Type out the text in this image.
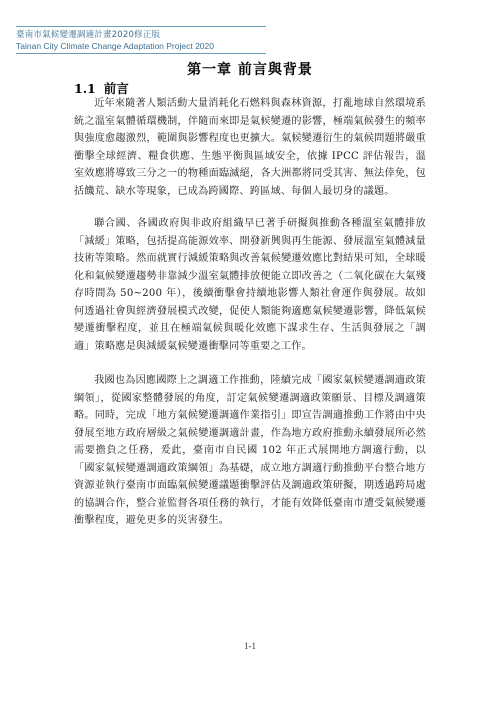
臺南市氣候變遷調適計畫2020修正版
Tainan City Climate Change Adaptation Project 2020
第一章 前言與背景
1.1 前言

近年來隨著人類活動大量消耗化石燃料與森林資源，打亂地球自然環境系統之溫室氣體循環機制，伴隨而來即是氣候變遷的影響，極端氣候發生的頻率與強度愈趨激烈，範圍與影響程度也更擴大。氣候變遷衍生的氣候問題將嚴重衝擊全球經濟、糧食供應、生態平衡與區域安全，依據 IPCC 評估報告，溫室效應將導致三分之一的物種面臨滅絕，各大洲都將同受其害、無法倖免，包括饑荒、缺水等現象，已成為跨國際、跨區域、每個人最切身的議題。

聯合國、各國政府與非政府組織早已著手研擬與推動各種溫室氣體排放「減緩」策略，包括提高能源效率、開發新興與再生能源、發展溫室氣體減量技術等策略。然而就實行減緩策略與改善氣候變遷效應比對結果可知，全球暖化和氣候變遷趨勢非靠減少溫室氣體排放便能立即改善之（二氧化碳在大氣殘存時間為 50~200 年），後續衝擊會持續地影響人類社會運作與發展。故如何透過社會與經濟發展模式改變，促使人類能夠適應氣候變遷影響，降低氣候變遷衝擊程度，並且在極端氣候與暖化效應下謀求生存、生活與發展之「調適」策略應是與減緩氣候變遷衝擊同等重要之工作。

我國也為因應國際上之調適工作推動，陸續完成「國家氣候變遷調適政策綱領」，從國家整體發展的角度，訂定氣候變遷調適政策願景、目標及調適策略。同時，完成「地方氣候變遷調適作業指引」即宣告調適推動工作將由中央發展至地方政府層級之氣候變遷調適計畫，作為地方政府推動永續發展所必然需要擔負之任務，爰此，臺南市自民國 102 年正式展開地方調適行動，以「國家氣候變遷調適政策綱領」為基礎，成立地方調適行動推動平台整合地方資源並執行臺南市面臨氣候變遷議題衝擊評估及調適政策研擬，期透過跨局處的協調合作，整合並監督各項任務的執行，才能有效降低臺南市遭受氣候變遷衝擊程度，避免更多的災害發生。

1-1
